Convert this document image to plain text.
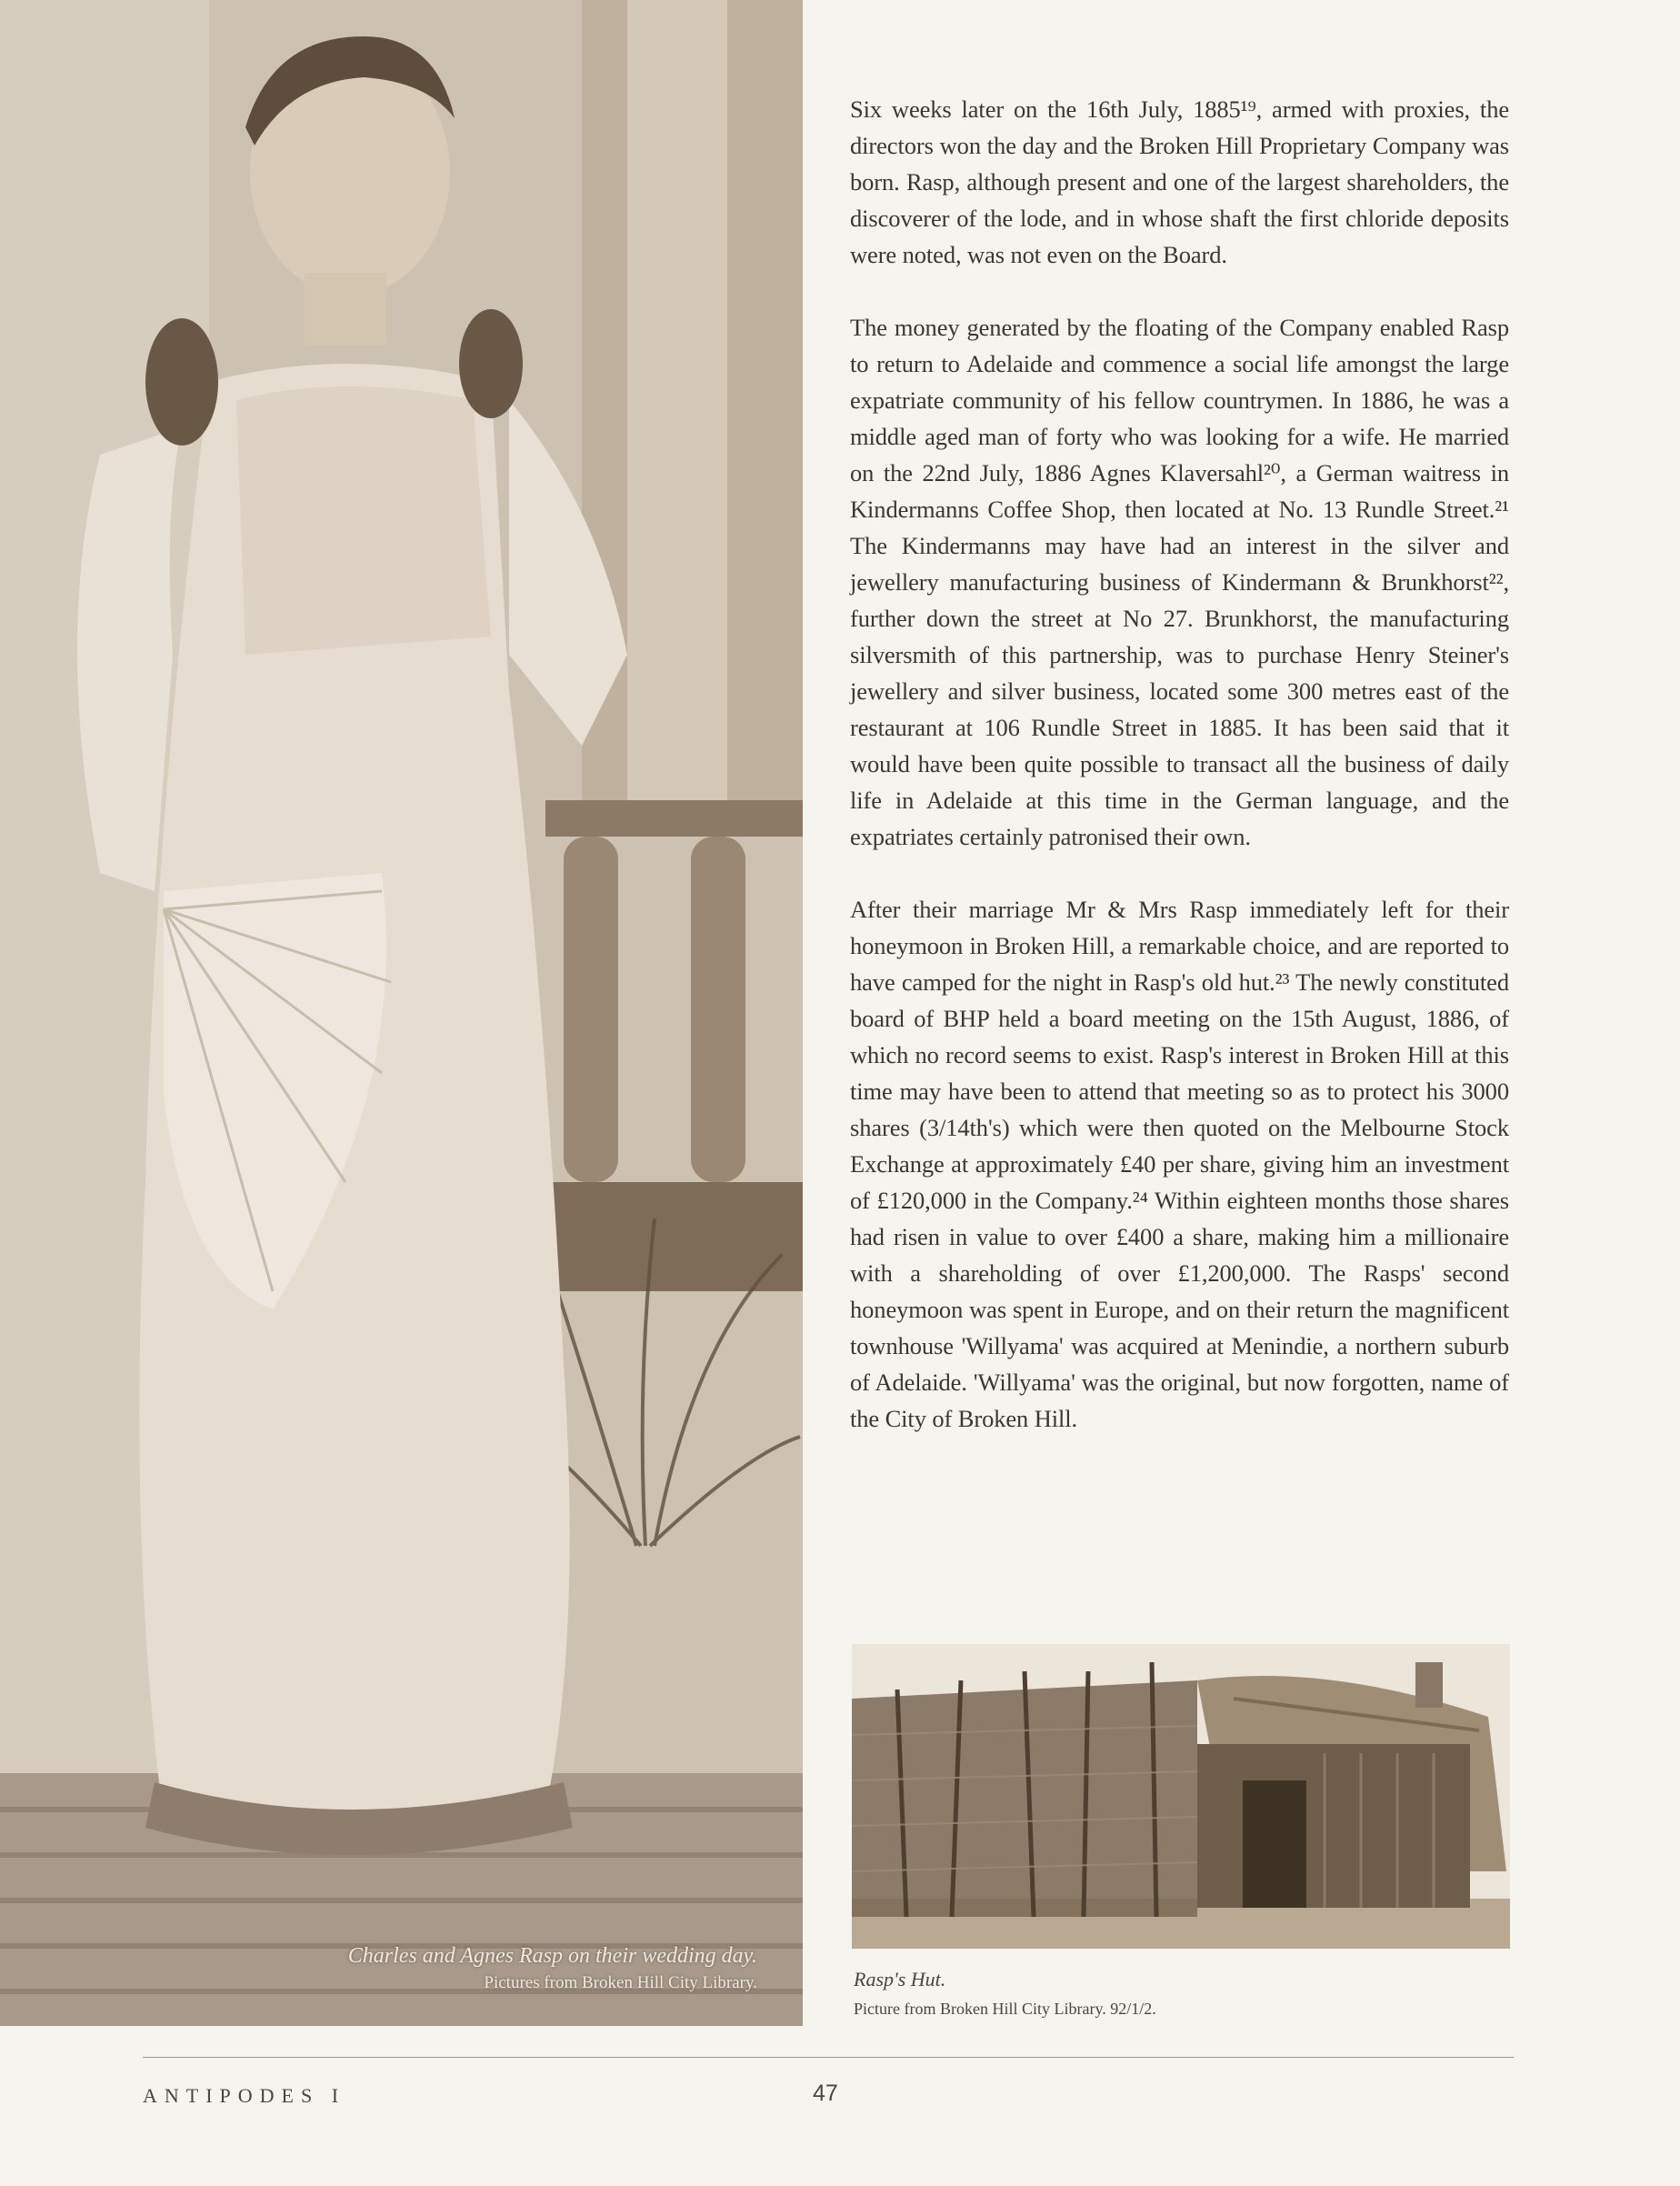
Charles and Agnes Rasp on their wedding day.
Pictures from Broken Hill City Library.

Six weeks later on the 16th July, 1885¹⁹, armed with proxies, the directors won the day and the Broken Hill Proprietary Company was born. Rasp, although present and one of the largest shareholders, the discoverer of the lode, and in whose shaft the first chloride deposits were noted, was not even on the Board.

The money generated by the floating of the Company enabled Rasp to return to Adelaide and commence a social life amongst the large expatriate community of his fellow countrymen. In 1886, he was a middle aged man of forty who was looking for a wife. He married on the 22nd July, 1886 Agnes Klaversahl²⁰, a German waitress in Kindermanns Coffee Shop, then located at No. 13 Rundle Street.²¹ The Kindermanns may have had an interest in the silver and jewellery manufacturing business of Kindermann & Brunkhorst²², further down the street at No 27. Brunkhorst, the manufacturing silversmith of this partnership, was to purchase Henry Steiner's jewellery and silver business, located some 300 metres east of the restaurant at 106 Rundle Street in 1885. It has been said that it would have been quite possible to transact all the business of daily life in Adelaide at this time in the German language, and the expatriates certainly patronised their own.

After their marriage Mr & Mrs Rasp immediately left for their honeymoon in Broken Hill, a remarkable choice, and are reported to have camped for the night in Rasp's old hut.²³ The newly constituted board of BHP held a board meeting on the 15th August, 1886, of which no record seems to exist. Rasp's interest in Broken Hill at this time may have been to attend that meeting so as to protect his 3000 shares (3/14th's) which were then quoted on the Melbourne Stock Exchange at approximately £40 per share, giving him an investment of £120,000 in the Company.²⁴ Within eighteen months those shares had risen in value to over £400 a share, making him a millionaire with a shareholding of over £1,200,000. The Rasps' second honeymoon was spent in Europe, and on their return the magnificent townhouse 'Willyama' was acquired at Menindie, a northern suburb of Adelaide. 'Willyama' was the original, but now forgotten, name of the City of Broken Hill.

Rasp's Hut.
Picture from Broken Hill City Library. 92/1/2.
ANTIPODES I	47
